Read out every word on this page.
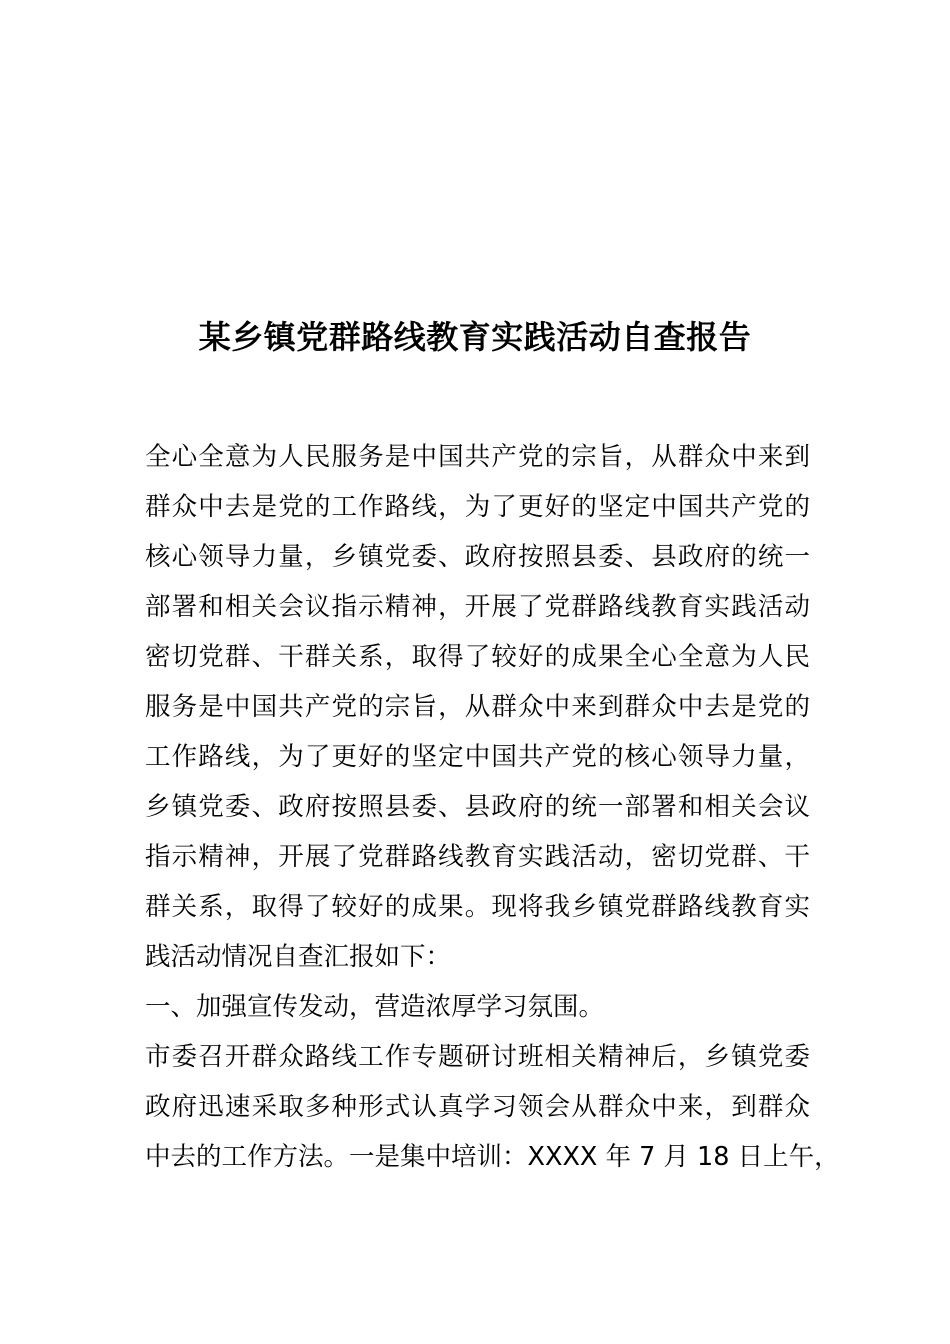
某乡镇党群路线教育实践活动自查报告
全心全意为人民服务是中国共产党的宗旨，从群众中来到
群众中去是党的工作路线，为了更好的坚定中国共产党的
核心领导力量，乡镇党委、政府按照县委、县政府的统一
部署和相关会议指示精神，开展了党群路线教育实践活动
密切党群、干群关系，取得了较好的成果全心全意为人民
服务是中国共产党的宗旨，从群众中来到群众中去是党的
工作路线，为了更好的坚定中国共产党的核心领导力量，
乡镇党委、政府按照县委、县政府的统一部署和相关会议
指示精神，开展了党群路线教育实践活动，密切党群、干
群关系，取得了较好的成果。现将我乡镇党群路线教育实
践活动情况自查汇报如下：
一、加强宣传发动，营造浓厚学习氛围。
市委召开群众路线工作专题研讨班相关精神后，乡镇党委
政府迅速采取多种形式认真学习领会从群众中来，到群众
中去的工作方法。一是集中培训：XXXX 年 7 月 18 日上午，
